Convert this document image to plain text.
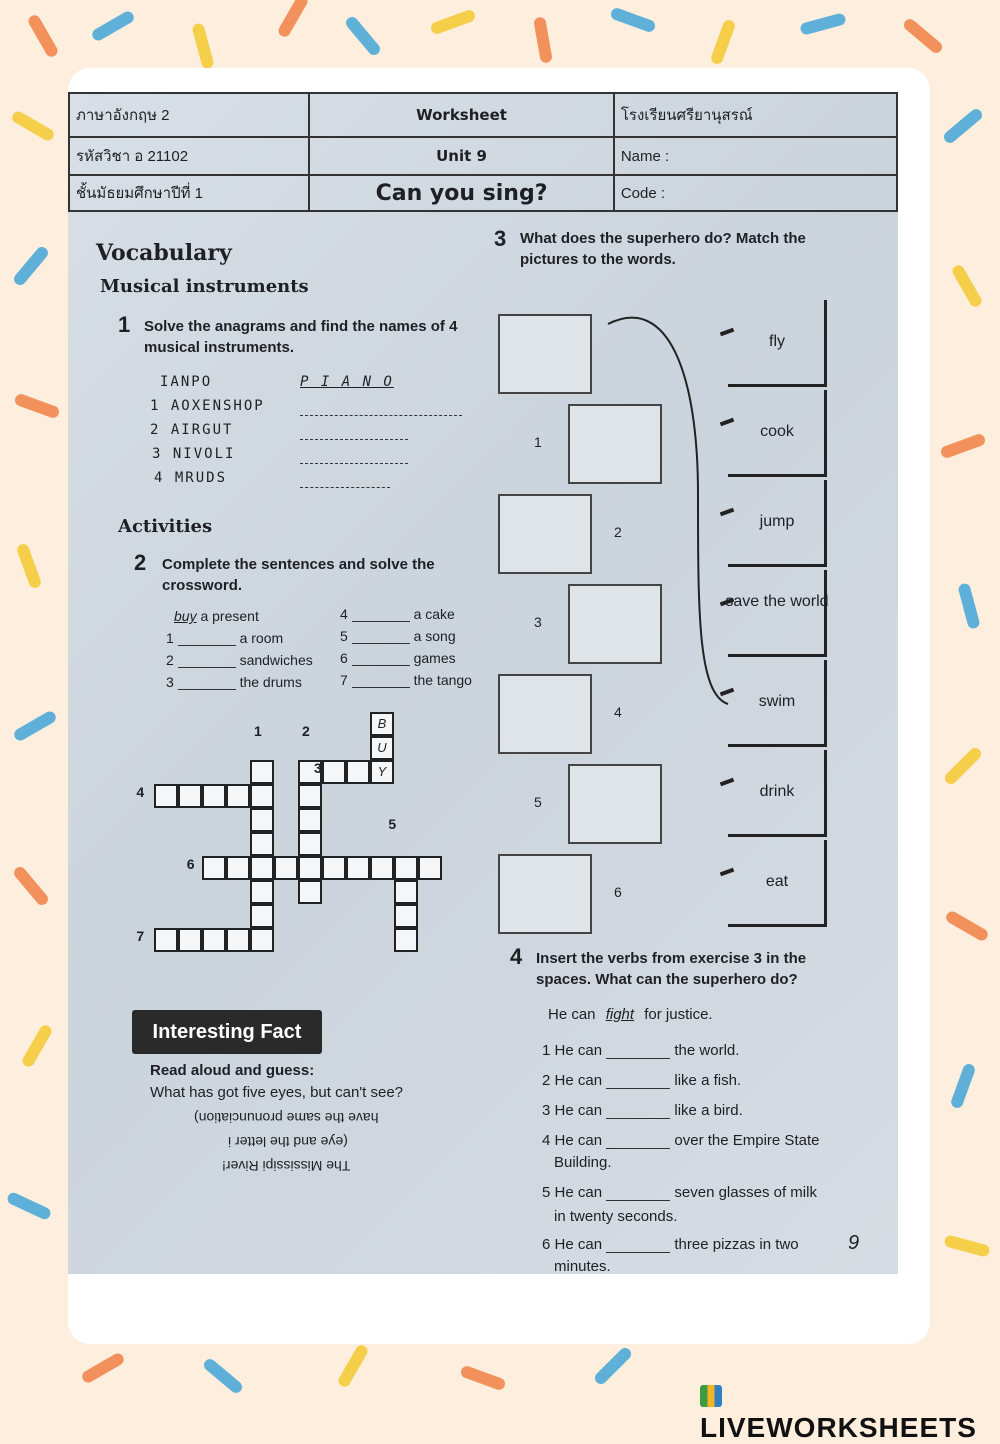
ภาษาอังกฤษ 2	Worksheet	โรงเรียนศรียานุสรณ์
รหัสวิชา อ 21102	Unit 9	Name :
ชั้นมัธยมศึกษาปีที่ 1	Can you sing?	Code :
Vocabulary
Musical instruments
1 Solve the anagrams and find the names of 4 musical instruments.
IANPO	P I A N O
1 AOXENSHOP
2 AIRGUT
3 NIVOLI
4 MRUDS
Activities
2 Complete the sentences and solve the crossword.
buy a present
1	a room
2	sandwiches
3	the drums
4	a cake
5	a song
6	games
7	the tango
Y
B
U
1	2
3
4
5
6
7
Interesting Fact
Read aloud and guess:
What has got five eyes, but can't see?
have the same pronunciation)
(eye and the letter i
The Mississipi River!
3 What does the superhero do? Match the pictures to the words.
1
2
3
4
5
6
fly
cook
jump
save the world
swim
drink
eat
4 Insert the verbs from exercise 3 in the spaces. What can the superhero do?
He can fight for justice.
1 He can	the world.
2 He can	like a fish.
3 He can	like a bird.
4 He can	over the Empire State
Building.
5 He can	seven glasses of milk
in twenty seconds.
6 He can	three pizzas in two
minutes.
9
LIVEWORKSHEETS
